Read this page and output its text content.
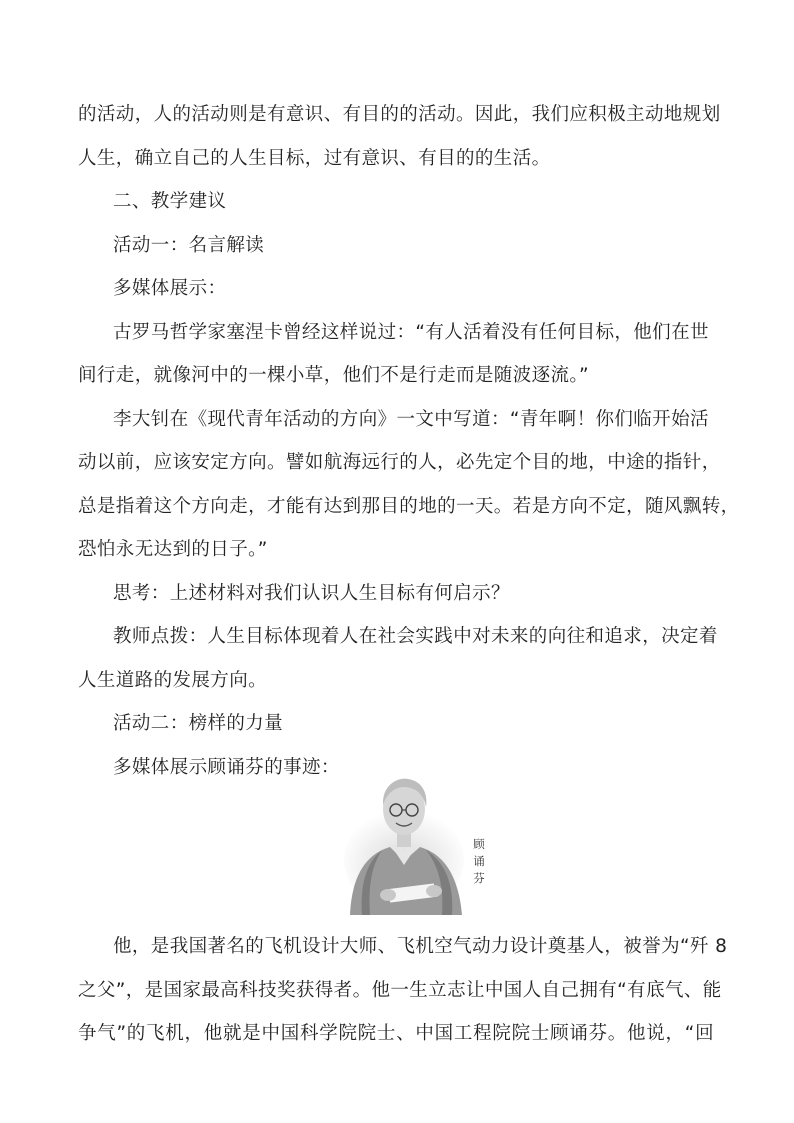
的活动，人的活动则是有意识、有目的的活动。因此，我们应积极主动地规划
人生，确立自己的人生目标，过有意识、有目的的生活。
二、教学建议
活动一：名言解读
多媒体展示：
古罗马哲学家塞涅卡曾经这样说过：“有人活着没有任何目标，他们在世
间行走，就像河中的一棵小草，他们不是行走而是随波逐流。”
李大钊在《现代青年活动的方向》一文中写道：“青年啊！你们临开始活
动以前，应该安定方向。譬如航海远行的人，必先定个目的地，中途的指针，
总是指着这个方向走，才能有达到那目的地的一天。若是方向不定，随风飘转，
恐怕永无达到的日子。”
思考：上述材料对我们认识人生目标有何启示？
教师点拨：人生目标体现着人在社会实践中对未来的向往和追求，决定着
人生道路的发展方向。
活动二：榜样的力量
多媒体展示顾诵芬的事迹：
顾诵芬
他，是我国著名的飞机设计大师、飞机空气动力设计奠基人，被誉为“歼 8
之父”，是国家最高科技奖获得者。他一生立志让中国人自己拥有“有底气、能
争气”的飞机，他就是中国科学院院士、中国工程院院士顾诵芬。他说，“回
